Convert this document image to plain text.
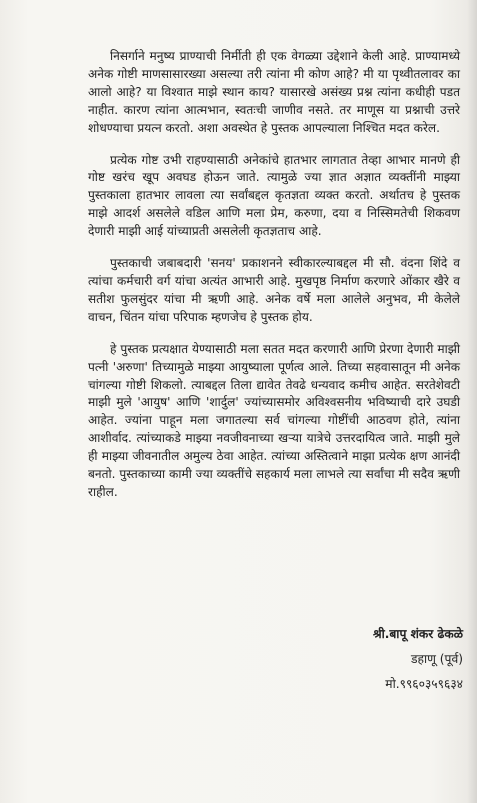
निसर्गाने मनुष्य प्राण्याची निर्मीती ही एक वेगळ्या उद्देशाने केली आहे. प्राण्यामध्ये अनेक गोष्टी माणसासारख्या असल्या तरी त्यांना मी कोण आहे? मी या पृथ्वीतलावर का आलो आहे? या विश्वात माझे स्थान काय? यासारखे असंख्य प्रश्न त्यांना कधीही पडत नाहीत. कारण त्यांना आत्मभान, स्वतःची जाणीव नसते. तर माणूस या प्रश्नाची उत्तरे शोधण्याचा प्रयत्न करतो. अशा अवस्थेत हे पुस्तक आपल्याला निश्चित मदत करेल.

प्रत्येक गोष्ट उभी राहण्यासाठी अनेकांचे हातभार लागतात तेव्हा आभार मानणे ही गोष्ट खरंच खूप अवघड होऊन जाते. त्यामुळे ज्या ज्ञात अज्ञात व्यक्तींनी माझ्या पुस्तकाला हातभार लावला त्या सर्वांबद्दल कृतज्ञता व्यक्त करतो. अर्थातच हे पुस्तक माझे आदर्श असलेले वडिल आणि मला प्रेम, करुणा, दया व निस्सिमतेची शिकवण देणारी माझी आई यांच्याप्रती असलेली कृतज्ञताच आहे.

पुस्तकाची जबाबदारी 'सनय' प्रकाशनने स्वीकारल्याबद्दल मी सौ. वंदना शिंदे व त्यांचा कर्मचारी वर्ग यांचा अत्यंत आभारी आहे. मुखपृष्ठ निर्माण करणारे ओंकार खैरे व सतीश फुलसुंदर यांचा मी ऋणी आहे. अनेक वर्षे मला आलेले अनुभव, मी केलेले वाचन, चिंतन यांचा परिपाक म्हणजेच हे पुस्तक होय.

हे पुस्तक प्रत्यक्षात येण्यासाठी मला सतत मदत करणारी आणि प्रेरणा देणारी माझी पत्नी 'अरुणा' तिच्यामुळे माझ्या आयुष्याला पूर्णत्व आले. तिच्या सहवासातून मी अनेक चांगल्या गोष्टी शिकलो. त्याबद्दल तिला द्यावेत तेवढे धन्यवाद कमीच आहेत. सरतेशेवटी माझी मुले 'आयुष' आणि 'शार्दुल' ज्यांच्यासमोर अविश्वसनीय भविष्याची दारे उघडी आहेत. ज्यांना पाहून मला जगातल्या सर्व चांगल्या गोष्टींची आठवण होते, त्यांना आशीर्वाद. त्यांच्याकडे माझ्या नवजीवनाच्या खऱ्या यात्रेचे उत्तरदायित्व जाते. माझी मुले ही माझ्या जीवनातील अमुल्य ठेवा आहेत. त्यांच्या अस्तित्वाने माझा प्रत्येक क्षण आनंदी बनतो. पुस्तकाच्या कामी ज्या व्यक्तींचे सहकार्य मला लाभले त्या सर्वांचा मी सदैव ऋणी राहील.

श्री.बापू शंकर ढेकळे
डहाणू (पूर्व)
मो.९९६०३५९६३४
